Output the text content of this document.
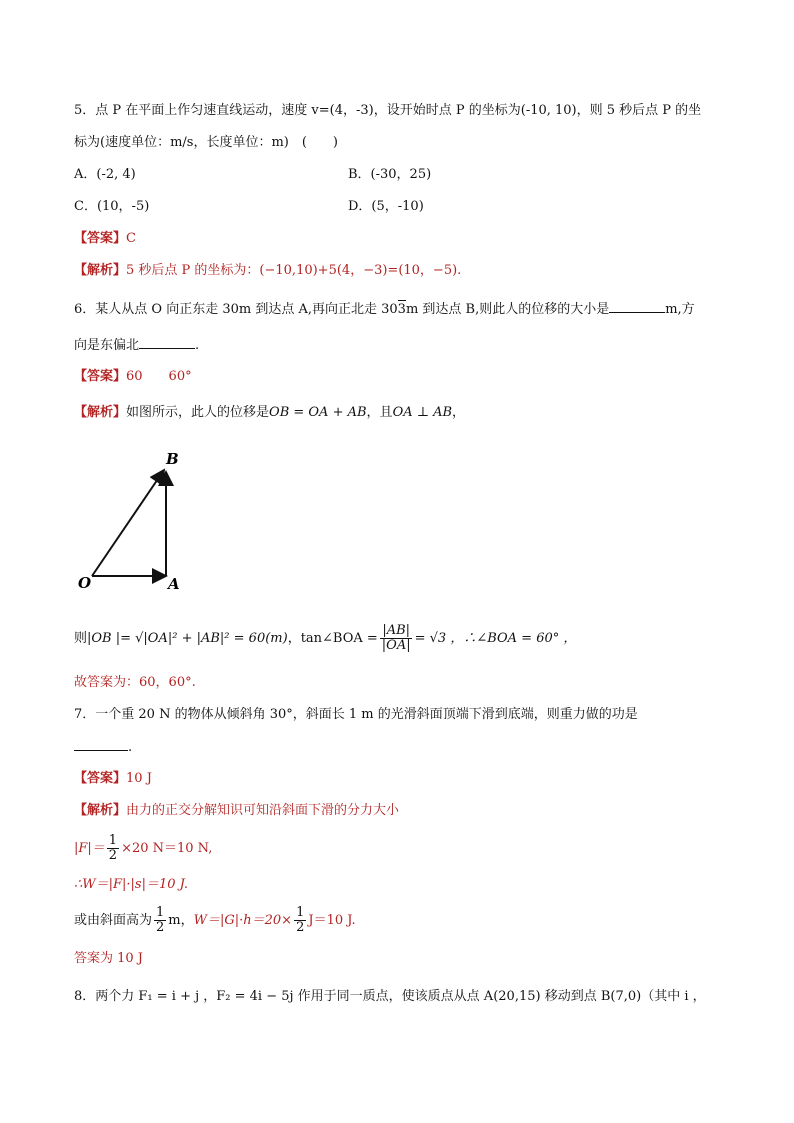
5．点 P 在平面上作匀速直线运动，速度 v=(4，-3)，设开始时点 P 的坐标为(-10, 10)，则 5 秒后点 P 的坐
标为(速度单位：m/s，长度单位：m)　(　　)
A．(-2, 4)	B．(-30，25)
C．(10，-5)	D．(5，-10)
【答案】C
【解析】5 秒后点 P 的坐标为：(−10,10)+5(4，−3)=(10，−5).
6．某人从点 O 向正东走 30m 到达点 A,再向正北走 303m 到达点 B,则此人的位移的大小是	m,方
向是东偏北	.
【答案】60　　60°
【解析】如图所示，此人的位移是OB = OA + AB，且OA ⊥ AB，
O	A
B
则|OB |= √|OA|² + |AB|² = 60(m)，tan∠BOA = $\frac{|AB|}{|OA|} = √3$ ，∴∠BOA = 60° ，
故答案为：60，60°.
7．一个重 20 N 的物体从倾斜角 30°，斜面长 1 m 的光滑斜面顶端下滑到底端，则重力做的功是
.
【答案】10 J
【解析】由力的正交分解知识可知沿斜面下滑的分力大小
$|F|= \frac{1}{2} \times 20$ N＝10 N,
∴W＝|F|·|s|＝10 J.
或由斜面高为 $\frac{1}{2}$ m，$W=|G|\cdot h=20\times \frac{1}{2} J=10$ J.
答案为 10 J
8．两个力 F₁ = i + j ，F₂ = 4i − 5j 作用于同一质点，使该质点从点 A(20,15) 移动到点 B(7,0)（其中 i ，
